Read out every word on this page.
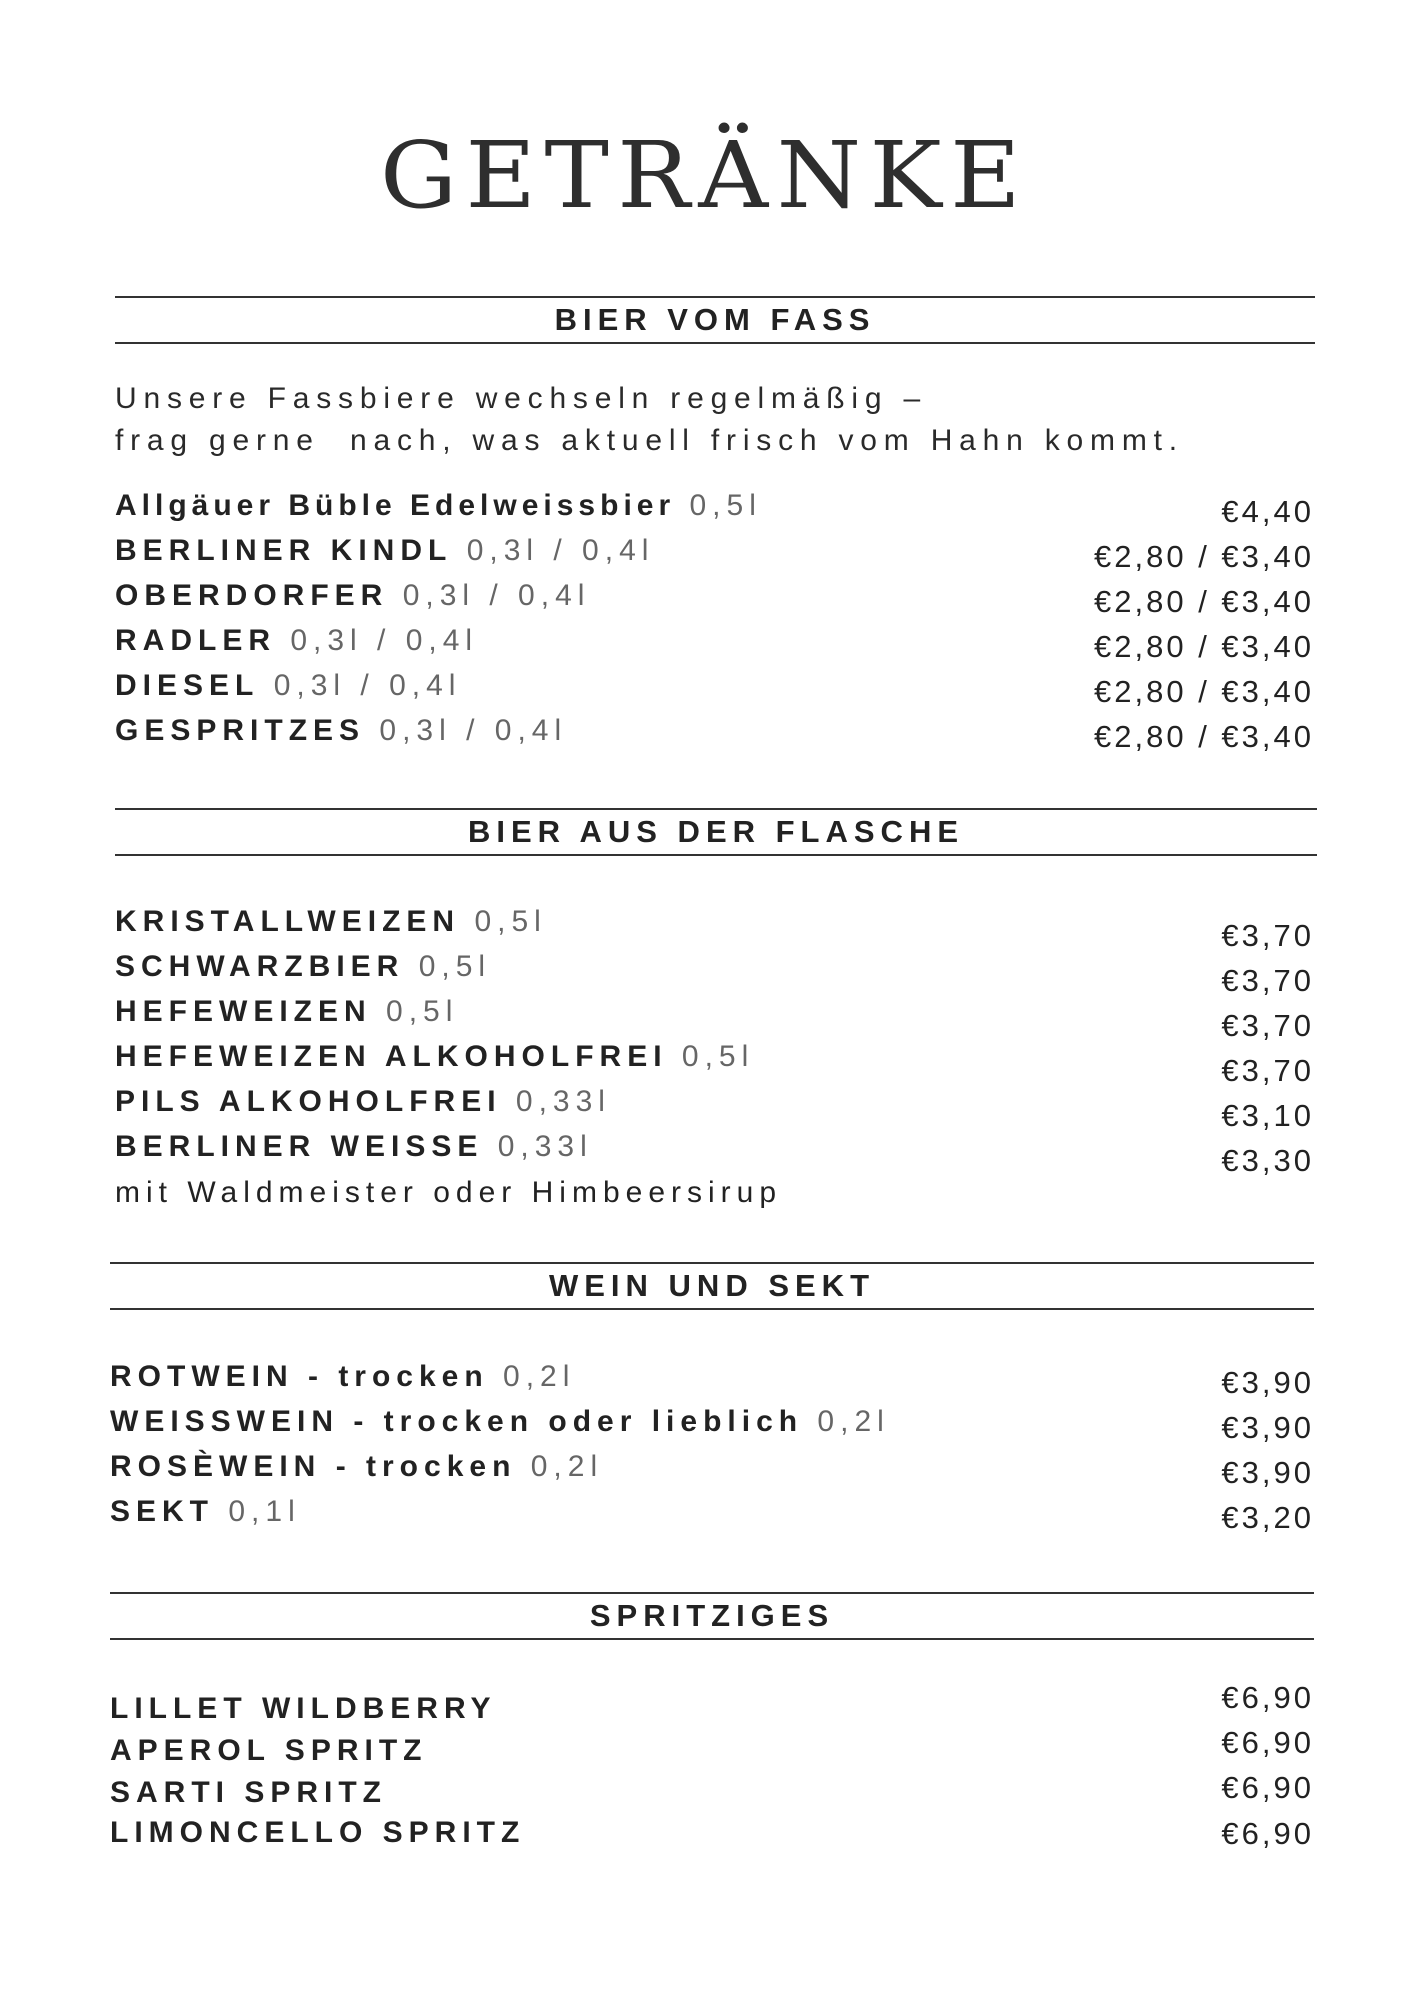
GETRÄNKE
BIER VOM FASS
Unsere Fassbiere wechseln regelmäßig –
frag gerne  nach, was aktuell frisch vom Hahn kommt.
Allgäuer Büble Edelweissbier 0,5l	€4,40
BERLINER KINDL 0,3l / 0,4l	€2,80 / €3,40
OBERDORFER 0,3l / 0,4l	€2,80 / €3,40
RADLER 0,3l / 0,4l	€2,80 / €3,40
DIESEL 0,3l / 0,4l	€2,80 / €3,40
GESPRITZES 0,3l / 0,4l	€2,80 / €3,40
BIER AUS DER FLASCHE
KRISTALLWEIZEN 0,5l	€3,70
SCHWARZBIER 0,5l	€3,70
HEFEWEIZEN 0,5l	€3,70
HEFEWEIZEN ALKOHOLFREI 0,5l	€3,70
PILS ALKOHOLFREI 0,33l	€3,10
BERLINER WEISSE 0,33l	€3,30
mit Waldmeister oder Himbeersirup
WEIN UND SEKT
ROTWEIN - trocken 0,2l	€3,90
WEISSWEIN - trocken oder lieblich 0,2l	€3,90
ROSÈWEIN - trocken 0,2l	€3,90
SEKT 0,1l	€3,20
SPRITZIGES
LILLET WILDBERRY	€6,90
APEROL SPRITZ	€6,90
SARTI SPRITZ	€6,90
LIMONCELLO SPRITZ	€6,90
